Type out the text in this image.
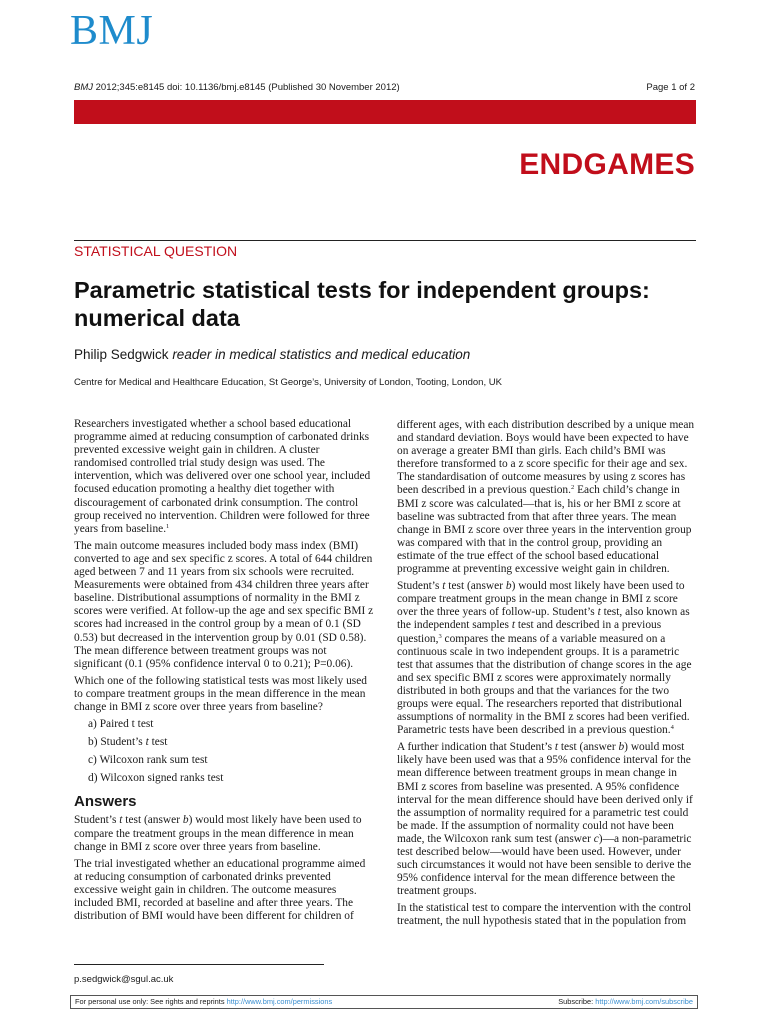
BMJ
BMJ 2012;345:e8145 doi: 10.1136/bmj.e8145 (Published 30 November 2012)	Page 1 of 2
ENDGAMES
STATISTICAL QUESTION
Parametric statistical tests for independent groups: numerical data
Philip Sedgwick reader in medical statistics and medical education
Centre for Medical and Healthcare Education, St George’s, University of London, Tooting, London, UK

Researchers investigated whether a school based educational programme aimed at reducing consumption of carbonated drinks prevented excessive weight gain in children. A cluster randomised controlled trial study design was used. The intervention, which was delivered over one school year, included focused education promoting a healthy diet together with discouragement of carbonated drink consumption. The control group received no intervention. Children were followed for three years from baseline.$^1$

The main outcome measures included body mass index (BMI) converted to age and sex specific z scores. A total of 644 children aged between 7 and 11 years from six schools were recruited. Measurements were obtained from 434 children three years after baseline. Distributional assumptions of normality in the BMI z scores were verified. At follow-up the age and sex specific BMI z scores had increased in the control group by a mean of 0.1 (SD 0.53) but decreased in the intervention group by 0.01 (SD 0.58). The mean difference between treatment groups was not significant (0.1 (95% confidence interval 0 to 0.21); P=0.06).

Which one of the following statistical tests was most likely used to compare treatment groups in the mean difference in the mean change in BMI z score over three years from baseline?

a) Paired t test

b) Student’s t test

c) Wilcoxon rank sum test

d) Wilcoxon signed ranks test

Answers

Student’s t test (answer b) would most likely have been used to compare the treatment groups in the mean difference in mean change in BMI z score over three years from baseline.

The trial investigated whether an educational programme aimed at reducing consumption of carbonated drinks prevented excessive weight gain in children. The outcome measures included BMI, recorded at baseline and after three years. The distribution of BMI would have been different for children of

different ages, with each distribution described by a unique mean and standard deviation. Boys would have been expected to have on average a greater BMI than girls. Each child’s BMI was therefore transformed to a z score specific for their age and sex. The standardisation of outcome measures by using z scores has been described in a previous question.$^2$ Each child’s change in BMI z score was calculated—that is, his or her BMI z score at baseline was subtracted from that after three years. The mean change in BMI z score over three years in the intervention group was compared with that in the control group, providing an estimate of the true effect of the school based educational programme at preventing excessive weight gain in children.

Student’s t test (answer b) would most likely have been used to compare treatment groups in the mean change in BMI z score over the three years of follow-up. Student’s t test, also known as the independent samples t test and described in a previous question,$^3$ compares the means of a variable measured on a continuous scale in two independent groups. It is a parametric test that assumes that the distribution of change scores in the age and sex specific BMI z scores were approximately normally distributed in both groups and that the variances for the two groups were equal. The researchers reported that distributional assumptions of normality in the BMI z scores had been verified. Parametric tests have been described in a previous question.$^4$

A further indication that Student’s t test (answer b) would most likely have been used was that a 95% confidence interval for the mean difference between treatment groups in mean change in BMI z scores from baseline was presented. A 95% confidence interval for the mean difference should have been derived only if the assumption of normality required for a parametric test could be made. If the assumption of normality could not have been made, the Wilcoxon rank sum test (answer c)—a non-parametric test described below—would have been used. However, under such circumstances it would not have been sensible to derive the 95% confidence interval for the mean difference between the treatment groups.

In the statistical test to compare the intervention with the control treatment, the null hypothesis stated that in the population from

p.sedgwick@sgul.ac.uk
For personal use only: See rights and reprints http://www.bmj.com/permissions	Subscribe: http://www.bmj.com/subscribe
